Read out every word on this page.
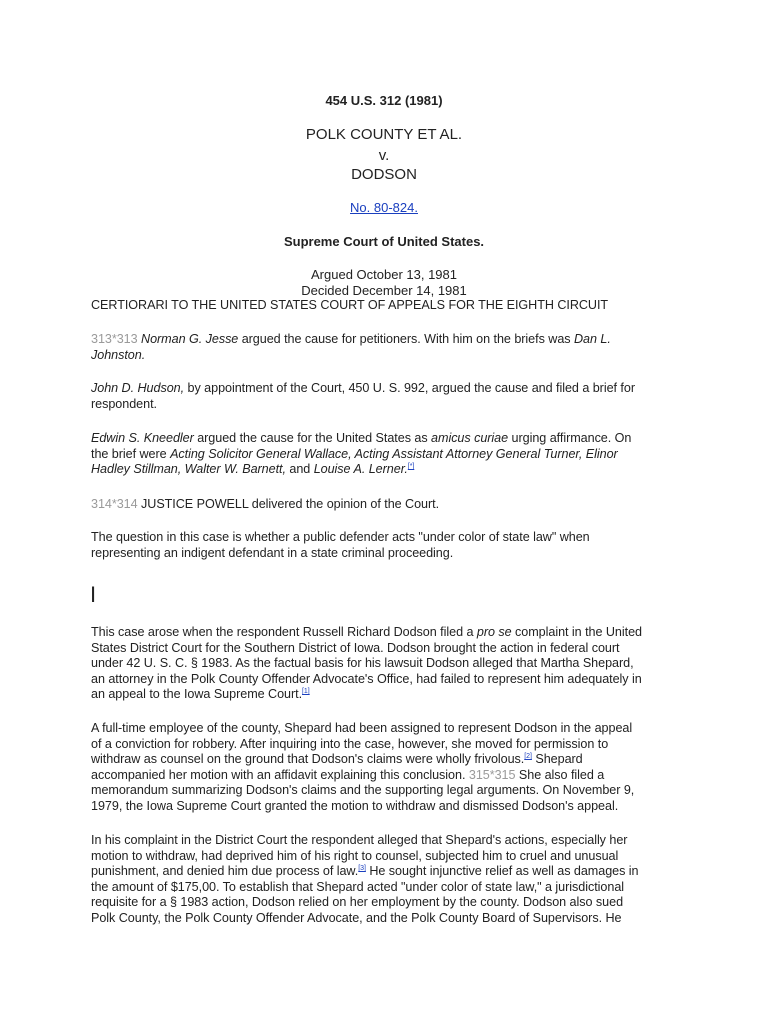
454 U.S. 312 (1981)
POLK COUNTY ET AL.
v.
DODSON
No. 80-824.
Supreme Court of United States.
Argued October 13, 1981
Decided December 14, 1981
CERTIORARI TO THE UNITED STATES COURT OF APPEALS FOR THE EIGHTH CIRCUIT
313*313 Norman G. Jesse argued the cause for petitioners. With him on the briefs was Dan L.
Johnston.
John D. Hudson, by appointment of the Court, 450 U. S. 992, argued the cause and filed a brief for
respondent.
Edwin S. Kneedler argued the cause for the United States as amicus curiae urging affirmance. On
the brief were Acting Solicitor General Wallace, Acting Assistant Attorney General Turner, Elinor
Hadley Stillman, Walter W. Barnett, and Louise A. Lerner.[*]
314*314 JUSTICE POWELL delivered the opinion of the Court.
The question in this case is whether a public defender acts "under color of state law" when
representing an indigent defendant in a state criminal proceeding.
I
This case arose when the respondent Russell Richard Dodson filed a pro se complaint in the United
States District Court for the Southern District of Iowa. Dodson brought the action in federal court
under 42 U. S. C. § 1983. As the factual basis for his lawsuit Dodson alleged that Martha Shepard,
an attorney in the Polk County Offender Advocate's Office, had failed to represent him adequately in
an appeal to the Iowa Supreme Court.[1]
A full-time employee of the county, Shepard had been assigned to represent Dodson in the appeal
of a conviction for robbery. After inquiring into the case, however, she moved for permission to
withdraw as counsel on the ground that Dodson's claims were wholly frivolous.[2] Shepard
accompanied her motion with an affidavit explaining this conclusion. 315*315 She also filed a
memorandum summarizing Dodson's claims and the supporting legal arguments. On November 9,
1979, the Iowa Supreme Court granted the motion to withdraw and dismissed Dodson's appeal.
In his complaint in the District Court the respondent alleged that Shepard's actions, especially her
motion to withdraw, had deprived him of his right to counsel, subjected him to cruel and unusual
punishment, and denied him due process of law.[3] He sought injunctive relief as well as damages in
the amount of $175,00. To establish that Shepard acted "under color of state law," a jurisdictional
requisite for a § 1983 action, Dodson relied on her employment by the county. Dodson also sued
Polk County, the Polk County Offender Advocate, and the Polk County Board of Supervisors. He
